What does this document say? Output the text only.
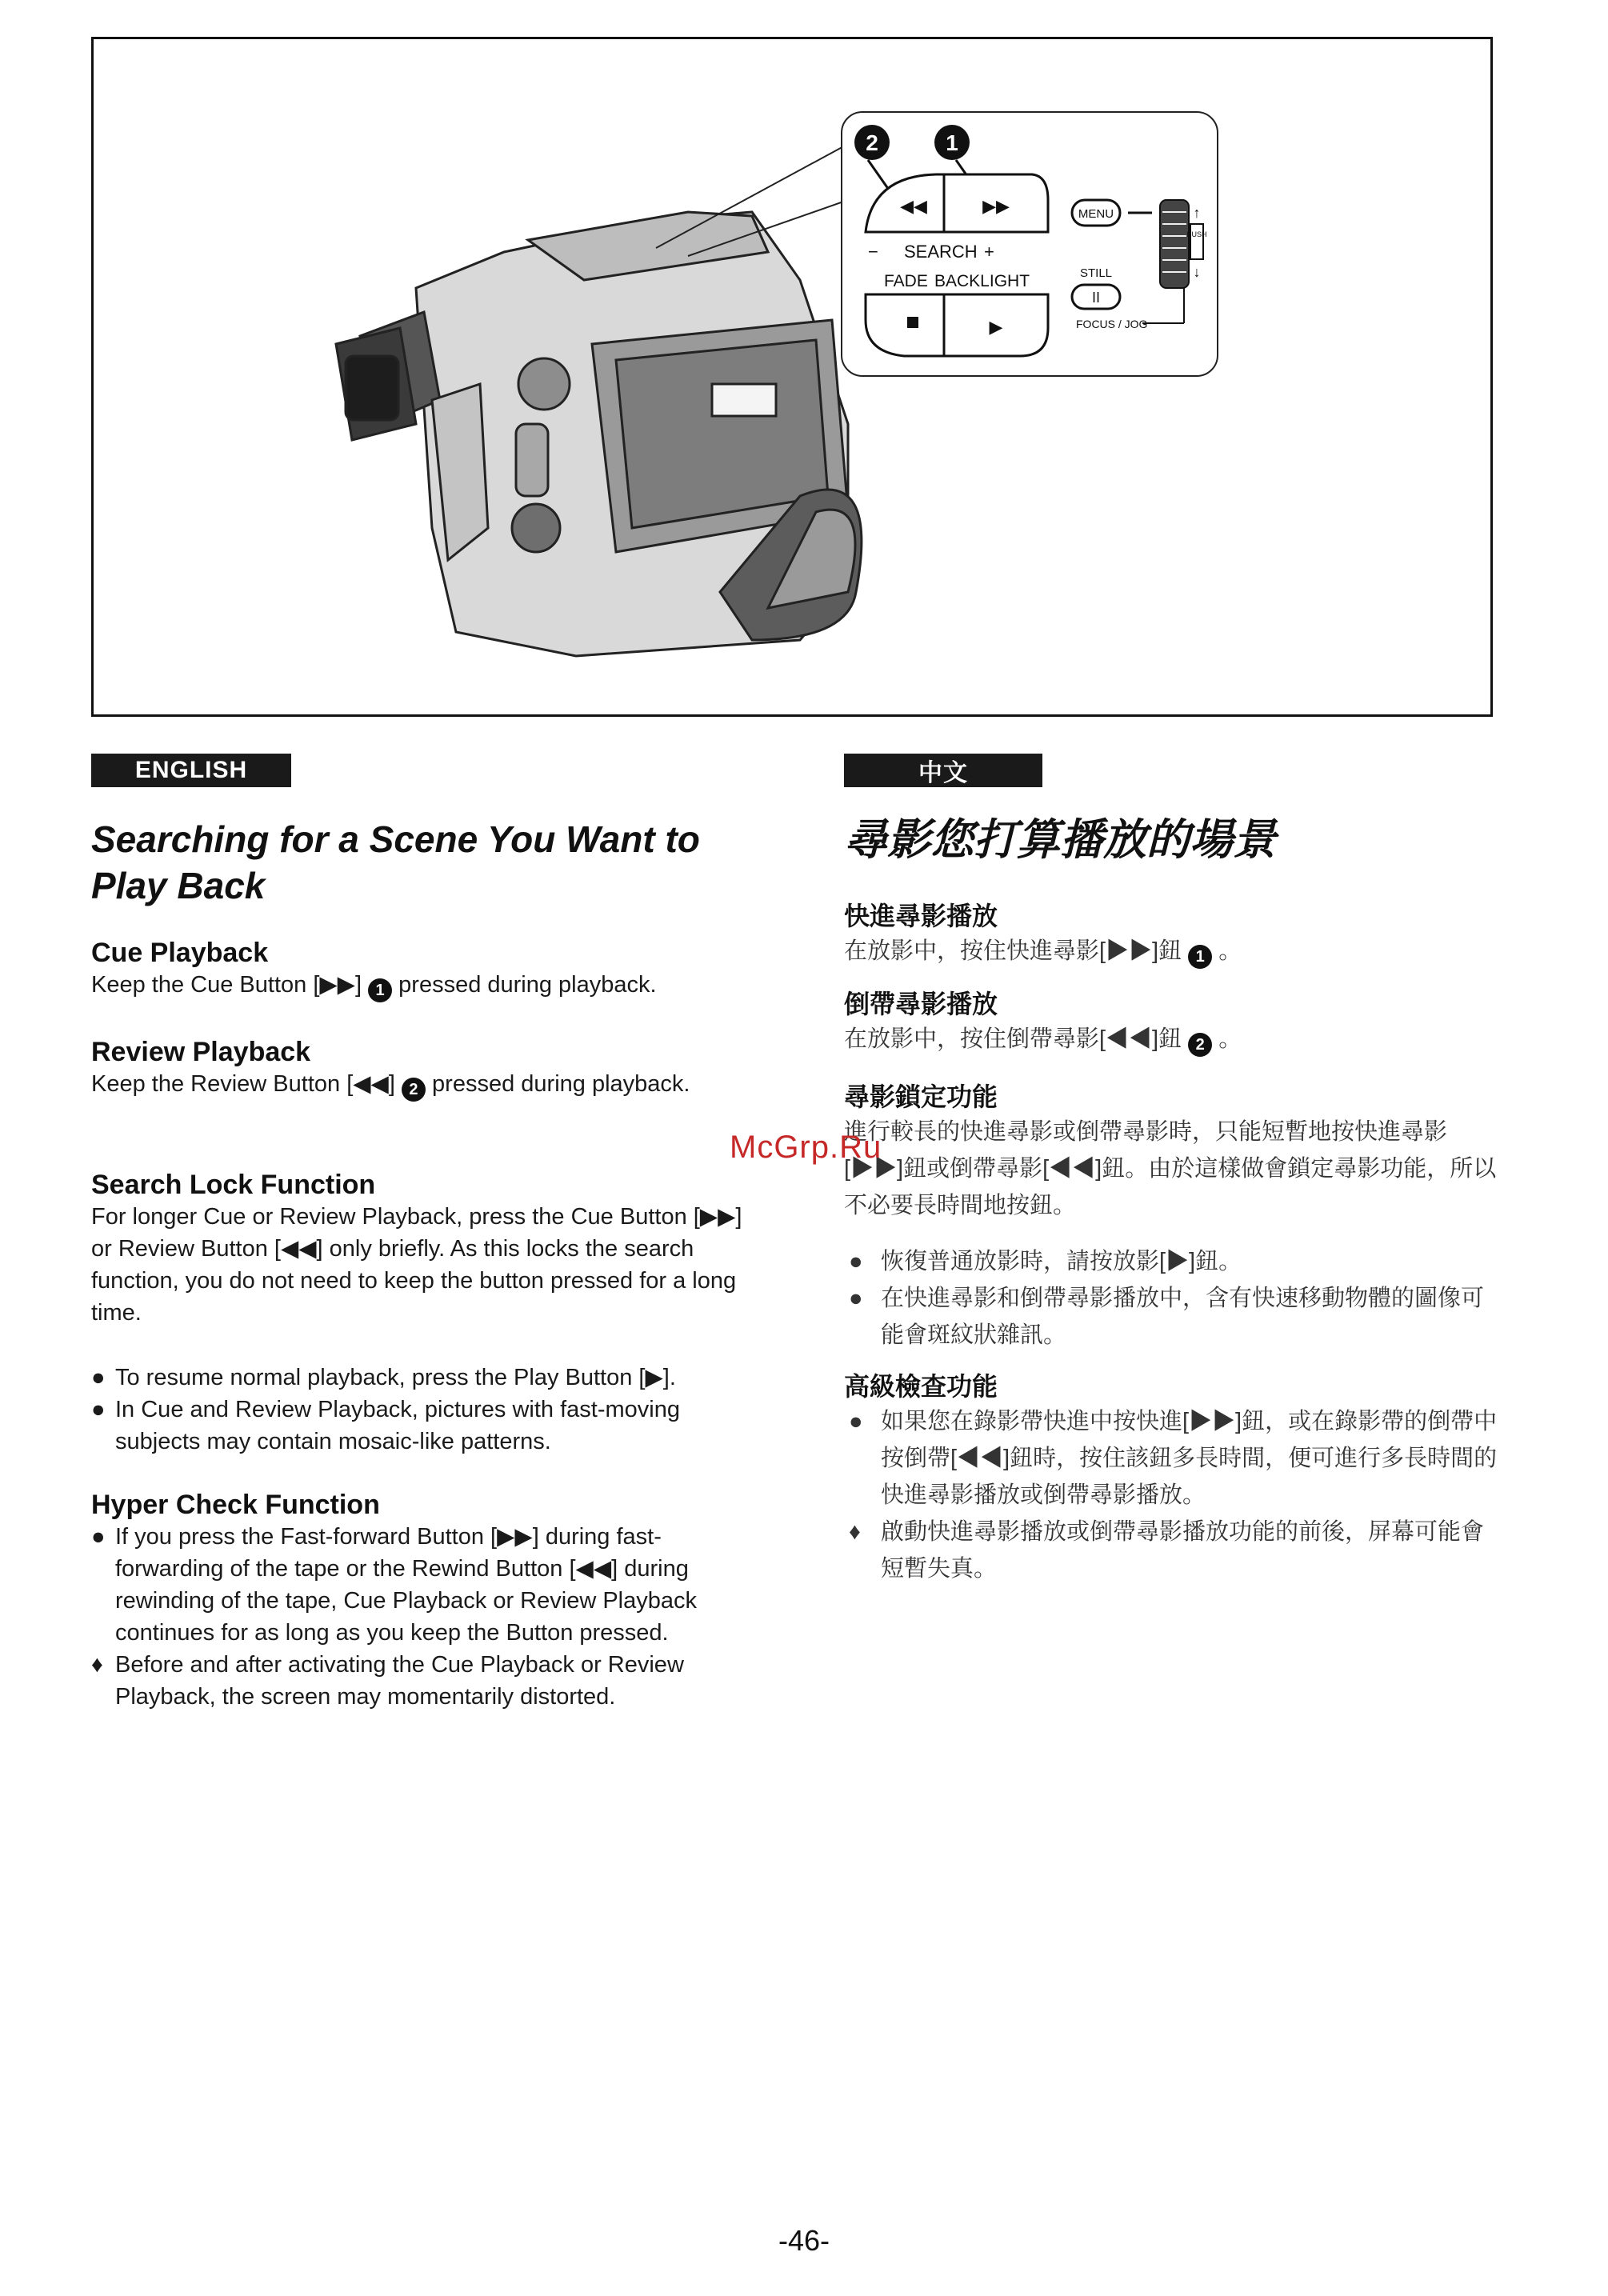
2	1
◀◀	▶▶
− SEARCH +
FADE BACKLIGHT
▶
MENU
STILL
II
FOCUS / JOG
PUSH
↑
↓
ENGLISH
Searching for a Scene You Want to Play Back
Cue Playback
Keep the Cue Button [▶▶] 1 pressed during playback.
Review Playback
Keep the Review Button [◀◀] 2 pressed during playback.
Search Lock Function
For longer Cue or Review Playback, press the Cue Button [▶▶] or Review Button [◀◀] only briefly. As this locks the search function, you do not need to keep the button pressed for a long time.
● To resume normal playback, press the Play Button [▶].
● In Cue and Review Playback, pictures with fast-moving subjects may contain mosaic-like patterns.
Hyper Check Function
● If you press the Fast-forward Button [▶▶] during fast-forwarding of the tape or the Rewind Button [◀◀] during rewinding of the tape, Cue Playback or Review Playback continues for as long as you keep the Button pressed.
♦ Before and after activating the Cue Playback or Review Playback, the screen may momentarily distorted.
中文
尋影您打算播放的場景
快進尋影播放
在放影中，按住快進尋影[▶▶]鈕 1 。
倒帶尋影播放
在放影中，按住倒帶尋影[◀◀]鈕 2 。
尋影鎖定功能
進行較長的快進尋影或倒帶尋影時，只能短暫地按快進尋影[▶▶]鈕或倒帶尋影[◀◀]鈕。由於這樣做會鎖定尋影功能，所以不必要長時間地按鈕。
● 恢復普通放影時，請按放影[▶]鈕。
● 在快進尋影和倒帶尋影播放中，含有快速移動物體的圖像可能會斑紋狀雜訊。
高級檢查功能
● 如果您在錄影帶快進中按快進[▶▶]鈕，或在錄影帶的倒帶中按倒帶[◀◀]鈕時，按住該鈕多長時間，便可進行多長時間的快進尋影播放或倒帶尋影播放。
♦ 啟動快進尋影播放或倒帶尋影播放功能的前後，屏幕可能會短暫失真。
McGrp.Ru
-46-
